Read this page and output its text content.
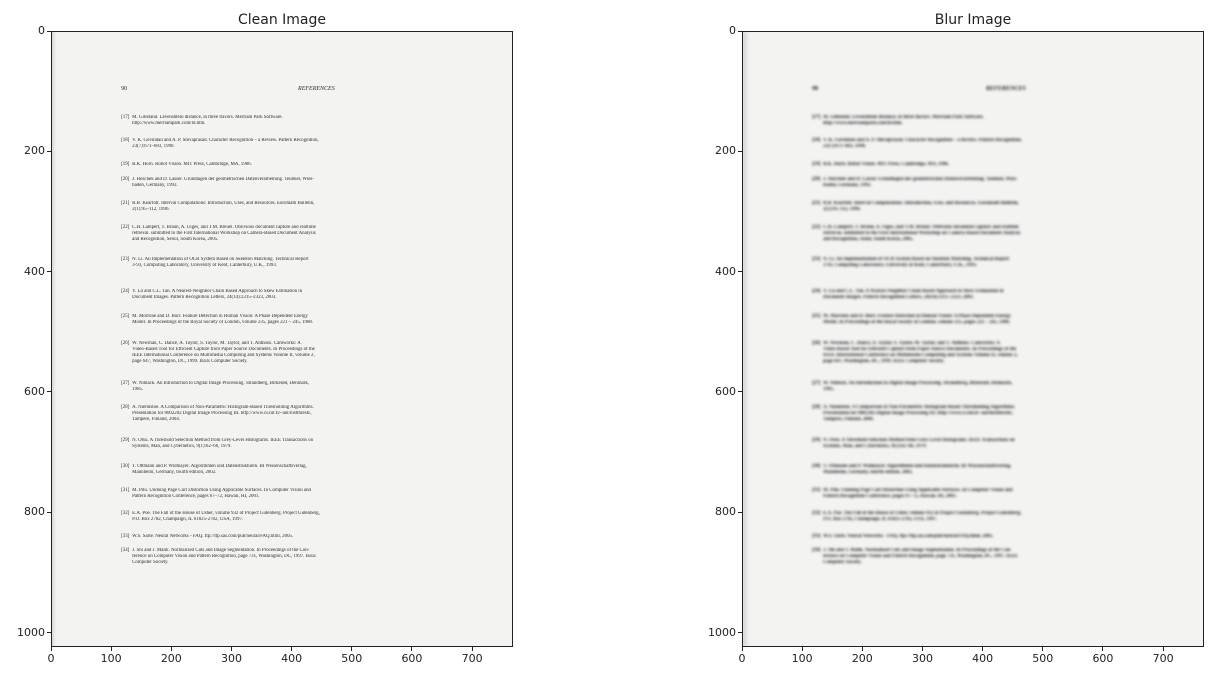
Clean Image
90	REFERENCES
[17] M. Gilleland. Levenshtein distance, in three flavors. Merriam Park Software.
http://www.merriampark.com/ld.htm.
[18] V. K. Govindan and A. P. Shivaprasad. Character Recognition – a Review. Pattern Recognition,
23(7):671–683, 1990.
[19] B.K. Horn. Robot Vision. MIT Press, Cambridge, MA, 1986.
[20] J. Hoschek and D. Lasser. Grundlagen der geometrischen Datenverarbeitung. Teubner, Wies-
baden, Germany, 1992.
[21] R.B. Kearfott. Interval Computations: Introduction, Uses, and Resources. Euromath Bulletin,
2(1):95–112, 1996.
[22] C.H. Lampert, T. Braun, A. Ulges, and T.M. Breuel. Oblivious document capture and realtime
retrieval. submitted to the First International Workshop on Camera-Based Document Analysis
and Recognition, Seoul, South Korea, 2005.
[23] N. Li. An Implementation of OCR System Based on Skeleton Matching. Technical Report
3-93, Computing Laboratory, University of Kent, Canterbury, U.K., 1993.
[24] Y. Lu and C.L. Tan. A Nearest-Neighbor Chain Based Approach to Skew Estimation in
Document Images. Pattern Recognition Letters, 24(14):2315–2323, 2003.
[25] M. Morrone and D. Burr. Feature Detection in Human Vision: A Phase Dependent Energy
Model. In Proceedings of the Royal Society of London, volume 235, pages 221 – 245, 1988.
[26] W. Newman, C. Dance, A. Taylor, S. Taylor, M. Taylor, and T. Aldhous. Camworks: A
Video-Based Tool for Efficient Capture from Paper Source Documents. In Proceedings of the
IEEE International Conference on Multimedia Computing and Systems Volume II, volume 2,
page 647, Washington, DC, 1999. IEEE Computer Society.
[27] W. Niblack. An Introduction to Digital Image Processing. Strandberg, Birkerød, Denmark,
1985.
[28] A. Niemistoe. A Comparison of Non-Parametric Histogram-Based Thresholding Algorithms.
Presentation for 8002202 Digital Image Processing III. http://www.cs.tut.fi/~ant/histthresh/,
Tampere, Finland, 2004.
[29] N. Otsu. A Threshold Selection Method from Grey-Level Histograms. IEEE Transactions on
Systems, Man, and Cybernetics, 9(1):62–66, 1979.
[30] T. Ottmann and P. Widmayer. Algorithmen und Datenstrukturen. BI Wissenschaftsverlag,
Mannheim, Germany, fourth edition, 2002.
[31] M. Pilu. Undoing Page Curl Distortion Using Applicable Surfaces. In Computer Vision and
Pattern Recognition Conference, pages 67–72, Hawaii, HI, 2001.
[32] E.A. Poe. The Fall of the House of Usher, volume 932 of Project Gutenberg. Project Gutenberg,
P.O. Box 2782, Champaign, IL 61825-2782, USA, 1997.
[33] W.S. Sarle. Neural Networks - FAQ. ftp://ftp.sas.com/pub/neural/FAQ.html, 2005.
[34] J. Shi and J. Malik. Normalized Cuts and Image Segmentation. In Proceedings of the Con-
ference on Computer Vision and Pattern Recognition, page 731, Washington, DC, 1997. IEEE
Computer Society.
0	100	200	300	400	500	600	700
0
200
400
600
800
1000
Blur Image
90	REFERENCES
[17] M. Gilleland. Levenshtein distance, in three flavors. Merriam Park Software.
http://www.merriampark.com/ld.htm.
[18] V. K. Govindan and A. P. Shivaprasad. Character Recognition – a Review. Pattern Recognition,
23(7):671–683, 1990.
[19] B.K. Horn. Robot Vision. MIT Press, Cambridge, MA, 1986.
[20] J. Hoschek and D. Lasser. Grundlagen der geometrischen Datenverarbeitung. Teubner, Wies-
baden, Germany, 1992.
[21] R.B. Kearfott. Interval Computations: Introduction, Uses, and Resources. Euromath Bulletin,
2(1):95–112, 1996.
[22] C.H. Lampert, T. Braun, A. Ulges, and T.M. Breuel. Oblivious document capture and realtime
retrieval. submitted to the First International Workshop on Camera-Based Document Analysis
and Recognition, Seoul, South Korea, 2005.
[23] N. Li. An Implementation of OCR System Based on Skeleton Matching. Technical Report
3-93, Computing Laboratory, University of Kent, Canterbury, U.K., 1993.
[24] Y. Lu and C.L. Tan. A Nearest-Neighbor Chain Based Approach to Skew Estimation in
Document Images. Pattern Recognition Letters, 24(14):2315–2323, 2003.
[25] M. Morrone and D. Burr. Feature Detection in Human Vision: A Phase Dependent Energy
Model. In Proceedings of the Royal Society of London, volume 235, pages 221 – 245, 1988.
[26] W. Newman, C. Dance, A. Taylor, S. Taylor, M. Taylor, and T. Aldhous. Camworks: A
Video-Based Tool for Efficient Capture from Paper Source Documents. In Proceedings of the
IEEE International Conference on Multimedia Computing and Systems Volume II, volume 2,
page 647, Washington, DC, 1999. IEEE Computer Society.
[27] W. Niblack. An Introduction to Digital Image Processing. Strandberg, Birkerød, Denmark,
1985.
[28] A. Niemistoe. A Comparison of Non-Parametric Histogram-Based Thresholding Algorithms.
Presentation for 8002202 Digital Image Processing III. http://www.cs.tut.fi/~ant/histthresh/,
Tampere, Finland, 2004.
[29] N. Otsu. A Threshold Selection Method from Grey-Level Histograms. IEEE Transactions on
Systems, Man, and Cybernetics, 9(1):62–66, 1979.
[30] T. Ottmann and P. Widmayer. Algorithmen und Datenstrukturen. BI Wissenschaftsverlag,
Mannheim, Germany, fourth edition, 2002.
[31] M. Pilu. Undoing Page Curl Distortion Using Applicable Surfaces. In Computer Vision and
Pattern Recognition Conference, pages 67–72, Hawaii, HI, 2001.
[32] E.A. Poe. The Fall of the House of Usher, volume 932 of Project Gutenberg. Project Gutenberg,
P.O. Box 2782, Champaign, IL 61825-2782, USA, 1997.
[33] W.S. Sarle. Neural Networks - FAQ. ftp://ftp.sas.com/pub/neural/FAQ.html, 2005.
[34] J. Shi and J. Malik. Normalized Cuts and Image Segmentation. In Proceedings of the Con-
ference on Computer Vision and Pattern Recognition, page 731, Washington, DC, 1997. IEEE
Computer Society.
0	100	200	300	400	500	600	700
0
200
400
600
800
1000
